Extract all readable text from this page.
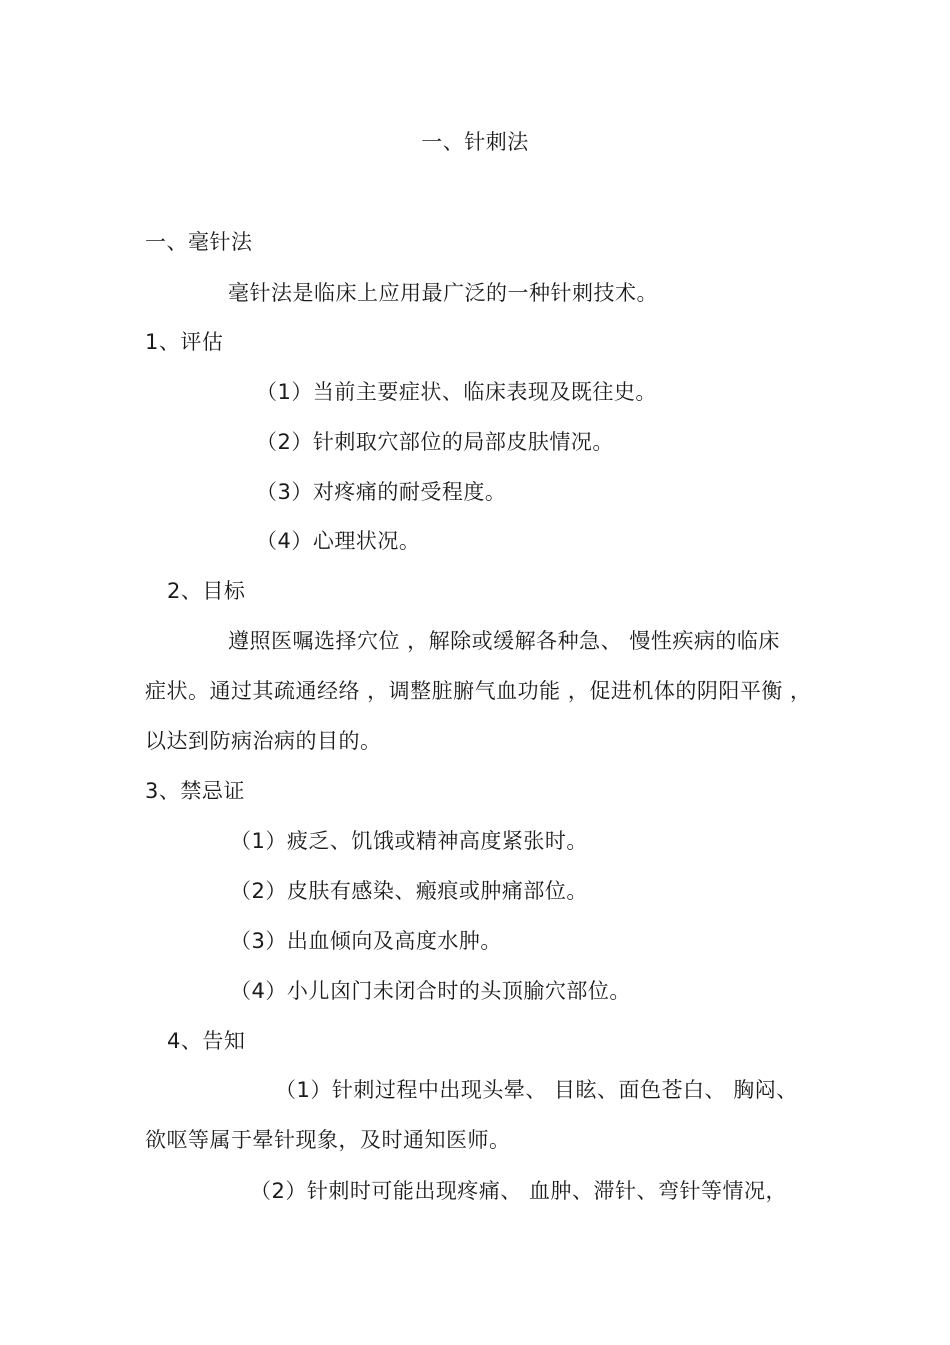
一、针刺法
一、毫针法
毫针法是临床上应用最广泛的一种针刺技术。
1、评估
（1）当前主要症状、临床表现及既往史。
（2）针刺取穴部位的局部皮肤情况。
（3）对疼痛的耐受程度。
（4）心理状况。
2、目标
遵照医嘱选择穴位 ，解除或缓解各种急、 慢性疾病的临床
症状。通过其疏通经络 ，调整脏腑气血功能 ，促进机体的阴阳平衡 ，
以达到防病治病的目的。
3、禁忌证
（1）疲乏、饥饿或精神高度紧张时。
（2）皮肤有感染、瘢痕或肿痛部位。
（3）出血倾向及高度水肿。
（4）小儿囟门未闭合时的头顶腧穴部位。
4、告知
（1）针刺过程中出现头晕、 目眩、面色苍白、 胸闷、
欲呕等属于晕针现象，及时通知医师。
（2）针刺时可能出现疼痛、 血肿、滞针、弯针等情况，
